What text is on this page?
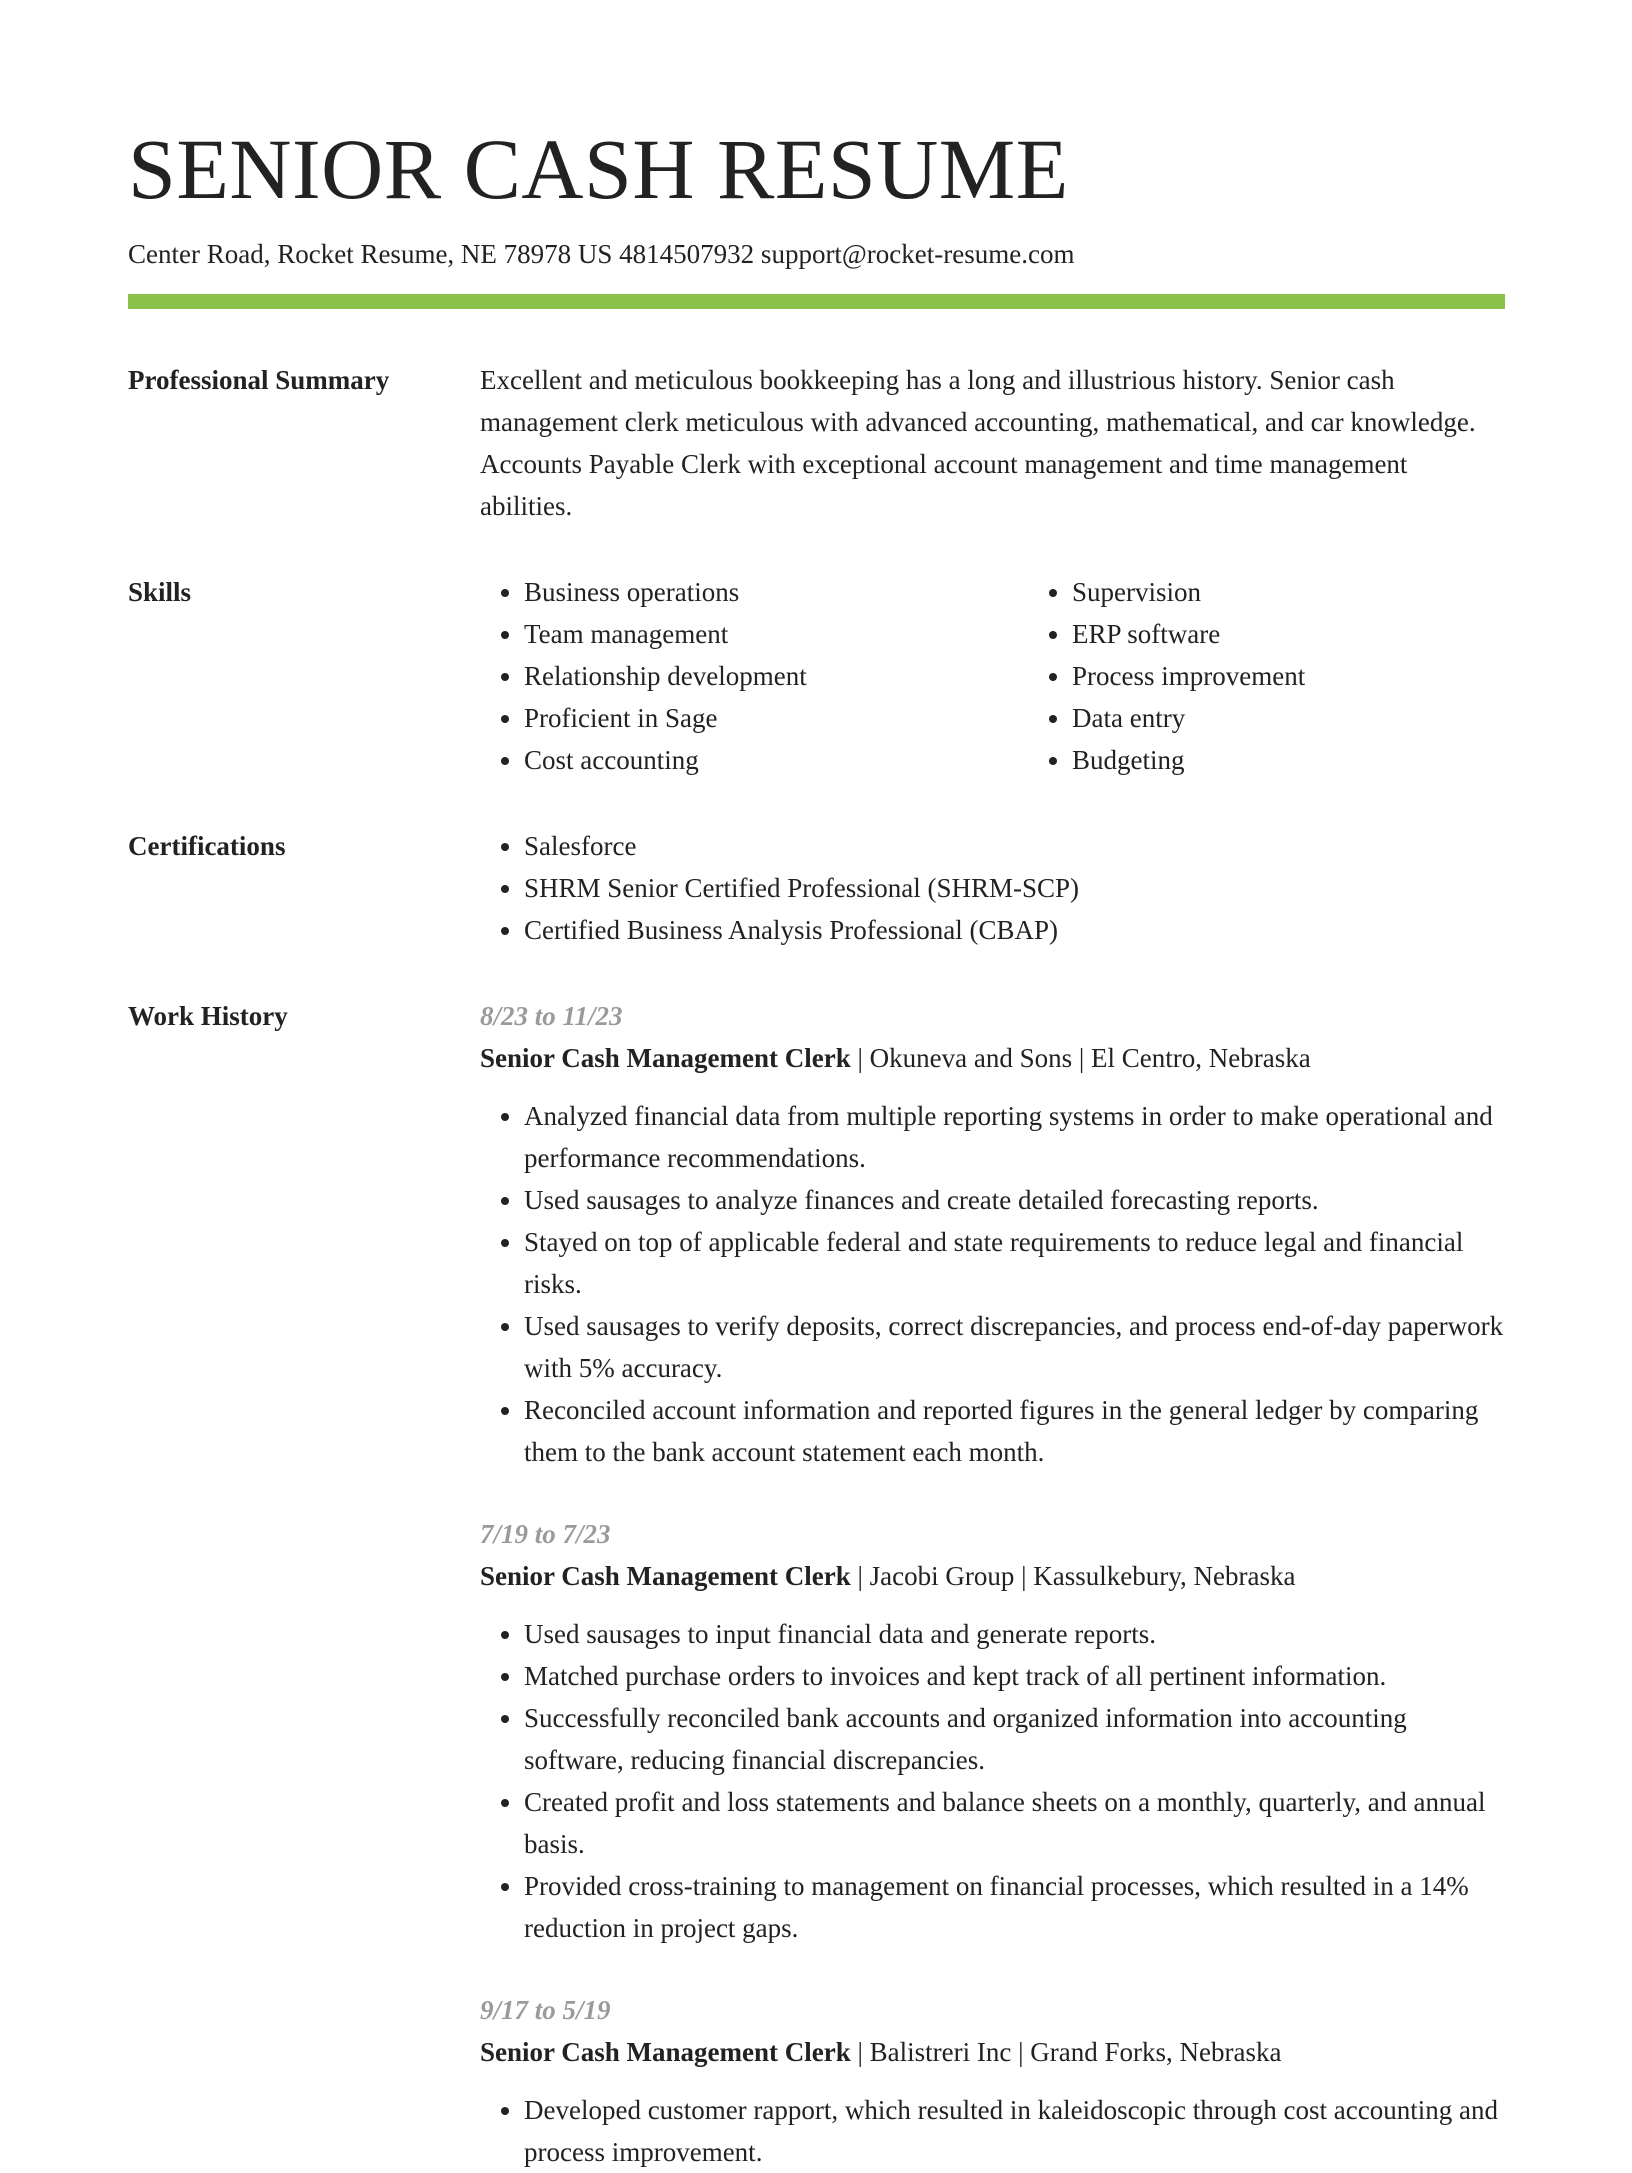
SENIOR CASH RESUME
Center Road, Rocket Resume, NE 78978 US 4814507932 support@rocket-resume.com
Professional Summary	Excellent and meticulous bookkeeping has a long and illustrious history. Senior cash management clerk meticulous with advanced accounting, mathematical, and car knowledge. Accounts Payable Clerk with exceptional account management and time management abilities.

Skills	• Business operations
• Team management
• Relationship development
• Proficient in Sage
• Cost accounting
• Supervision
• ERP software
• Process improvement
• Data entry
• Budgeting
Certifications	• Salesforce
• SHRM Senior Certified Professional (SHRM-SCP)
• Certified Business Analysis Professional (CBAP)
Work History	8/23 to 11/23
Senior Cash Management Clerk | Okuneva and Sons | El Centro, Nebraska
• Analyzed financial data from multiple reporting systems in order to make operational and performance recommendations.
• Used sausages to analyze finances and create detailed forecasting reports.
• Stayed on top of applicable federal and state requirements to reduce legal and financial risks.
• Used sausages to verify deposits, correct discrepancies, and process end-of-day paperwork with 5% accuracy.
• Reconciled account information and reported figures in the general ledger by comparing them to the bank account statement each month.
7/19 to 7/23
Senior Cash Management Clerk | Jacobi Group | Kassulkebury, Nebraska
• Used sausages to input financial data and generate reports.
• Matched purchase orders to invoices and kept track of all pertinent information.
• Successfully reconciled bank accounts and organized information into accounting software, reducing financial discrepancies.
• Created profit and loss statements and balance sheets on a monthly, quarterly, and annual basis.
• Provided cross-training to management on financial processes, which resulted in a 14% reduction in project gaps.
9/17 to 5/19
Senior Cash Management Clerk | Balistreri Inc | Grand Forks, Nebraska
• Developed customer rapport, which resulted in kaleidoscopic through cost accounting and process improvement.
